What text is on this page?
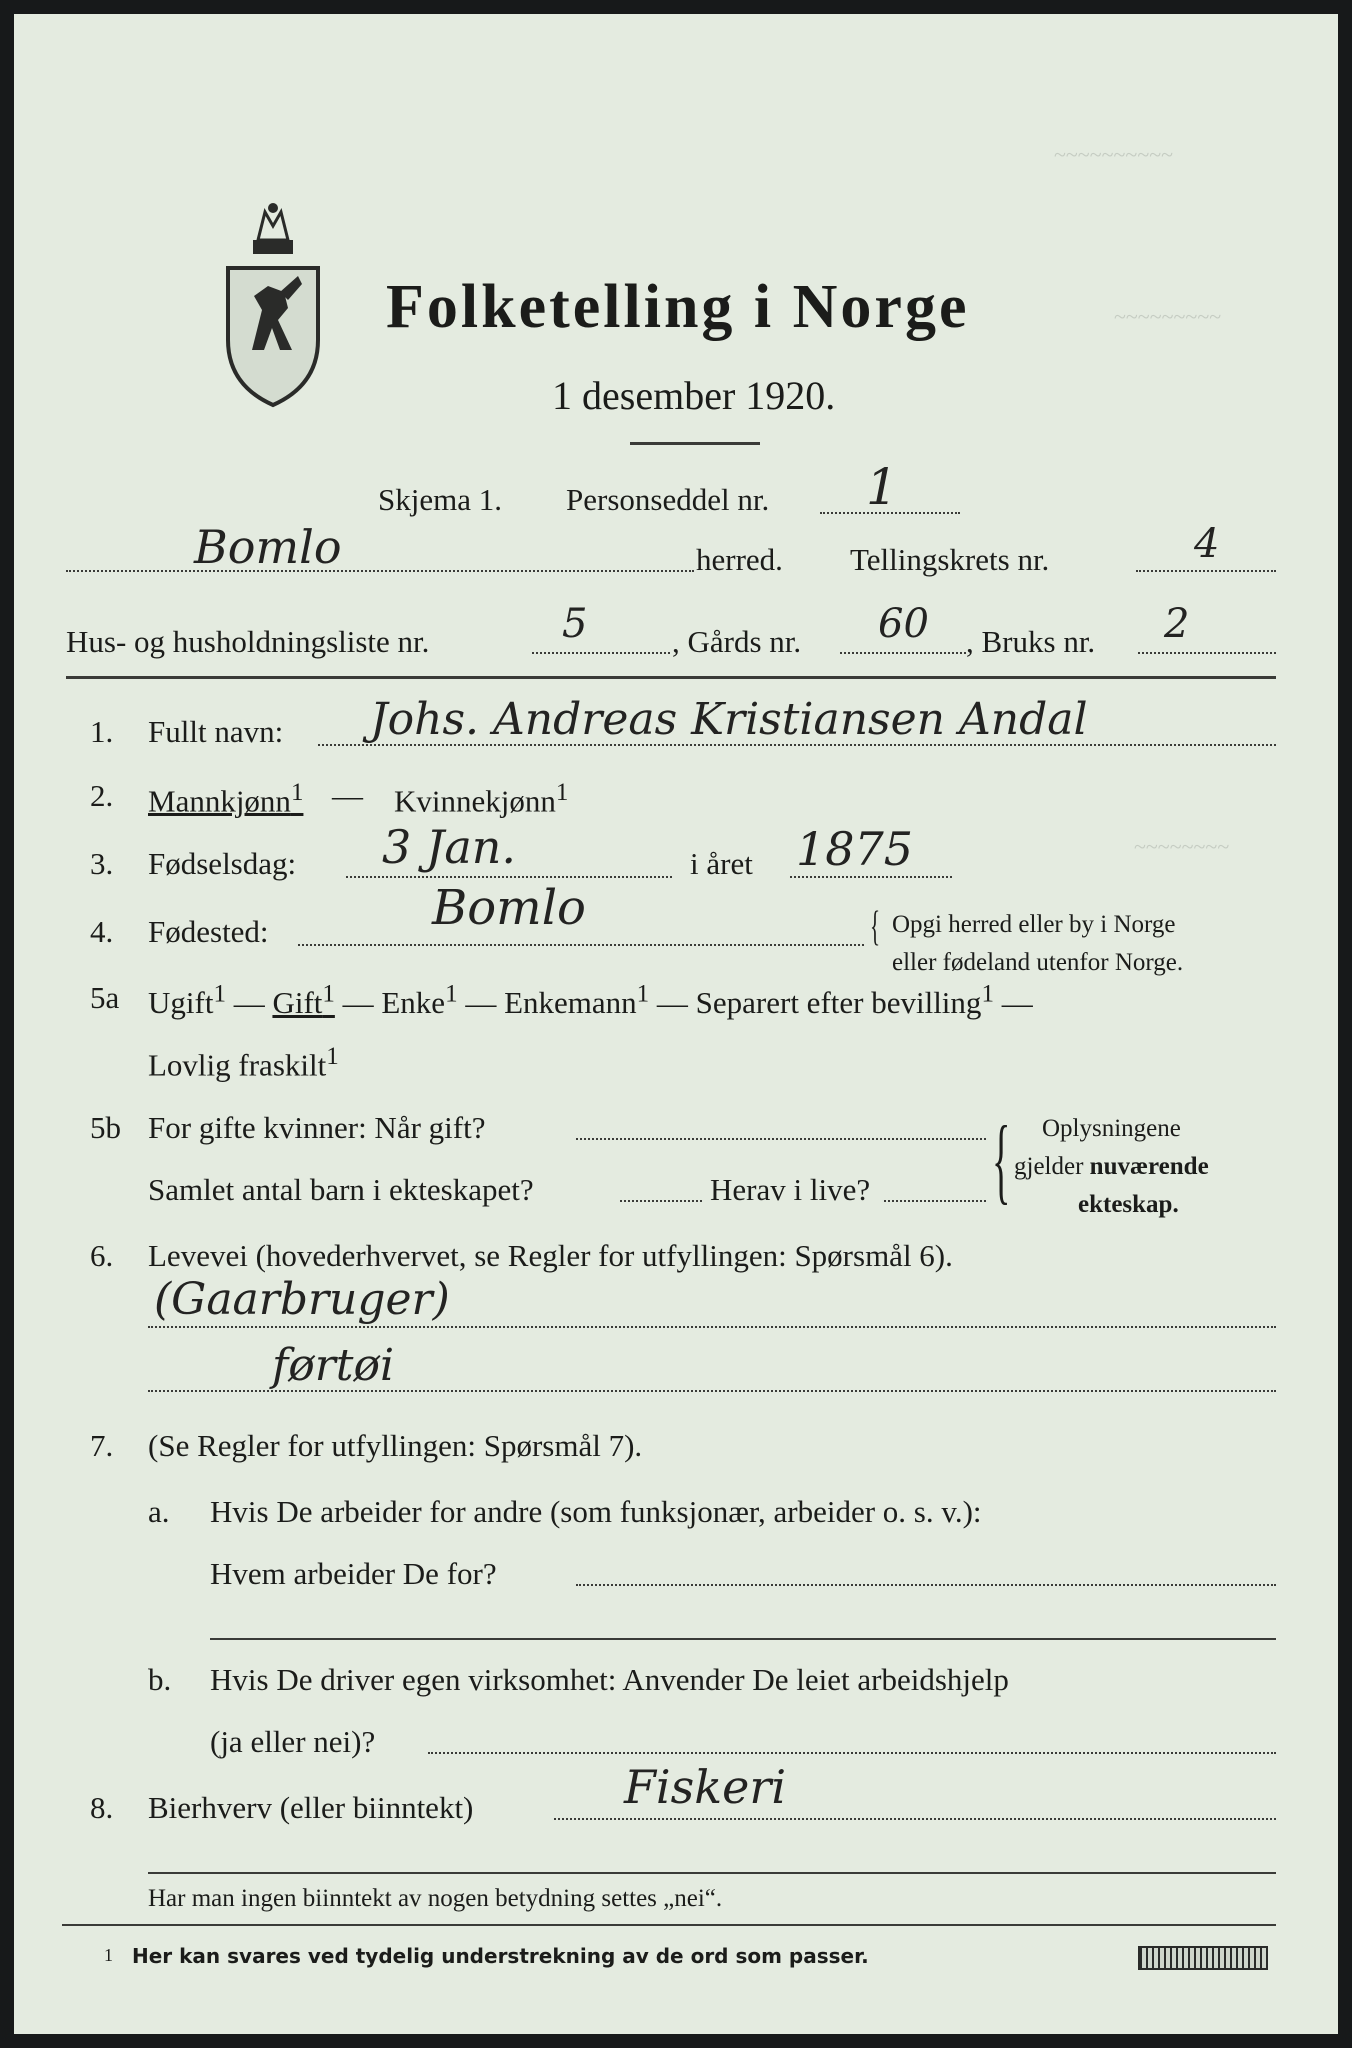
~~~~~~~~~~
~~~~~~~~~
~~~~~~~~
Folketelling i Norge
1 desember 1920.
Skjema 1. Personseddel nr. 1
Bomlo	herred. Tellingskrets nr.	4
Hus- og husholdningsliste nr.	5	, Gårds nr. 60 , Bruks nr. 2
1. Fullt navn: Johs. Andreas Kristiansen Andal
2. Mannkjønn$^1$ — Kvinnekjønn$^1$
3. Fødselsdag: 3 Jan.	i året 1875
4. Fødested:	Bomlo	{ Opgi herred eller by i Norge
eller fødeland utenfor Norge.
5a Ugift$^1$ — Gift$^1$ — Enke$^1$ — Enkemann$^1$ — Separert efter bevilling$^1$ —
Lovlig fraskilt$^1$
5b For gifte kvinner: Når gift?
Samlet antal barn i ekteskapet?	Herav i live? { Oplysningene
gjelder nuværende
ekteskap.
6. Levevei (hovederhvervet, se Regler for utfyllingen: Spørsmål 6).
(Gaarbruger)
førtøi
7. (Se Regler for utfyllingen: Spørsmål 7).
a. Hvis De arbeider for andre (som funksjonær, arbeider o. s. v.):
Hvem arbeider De for?
b. Hvis De driver egen virksomhet: Anvender De leiet arbeidshjelp
(ja eller nei)?
8. Bierhverv (eller biinntekt)	Fiskeri
Har man ingen biinntekt av nogen betydning settes „nei“.
1 Her kan svares ved tydelig understrekning av de ord som passer.
